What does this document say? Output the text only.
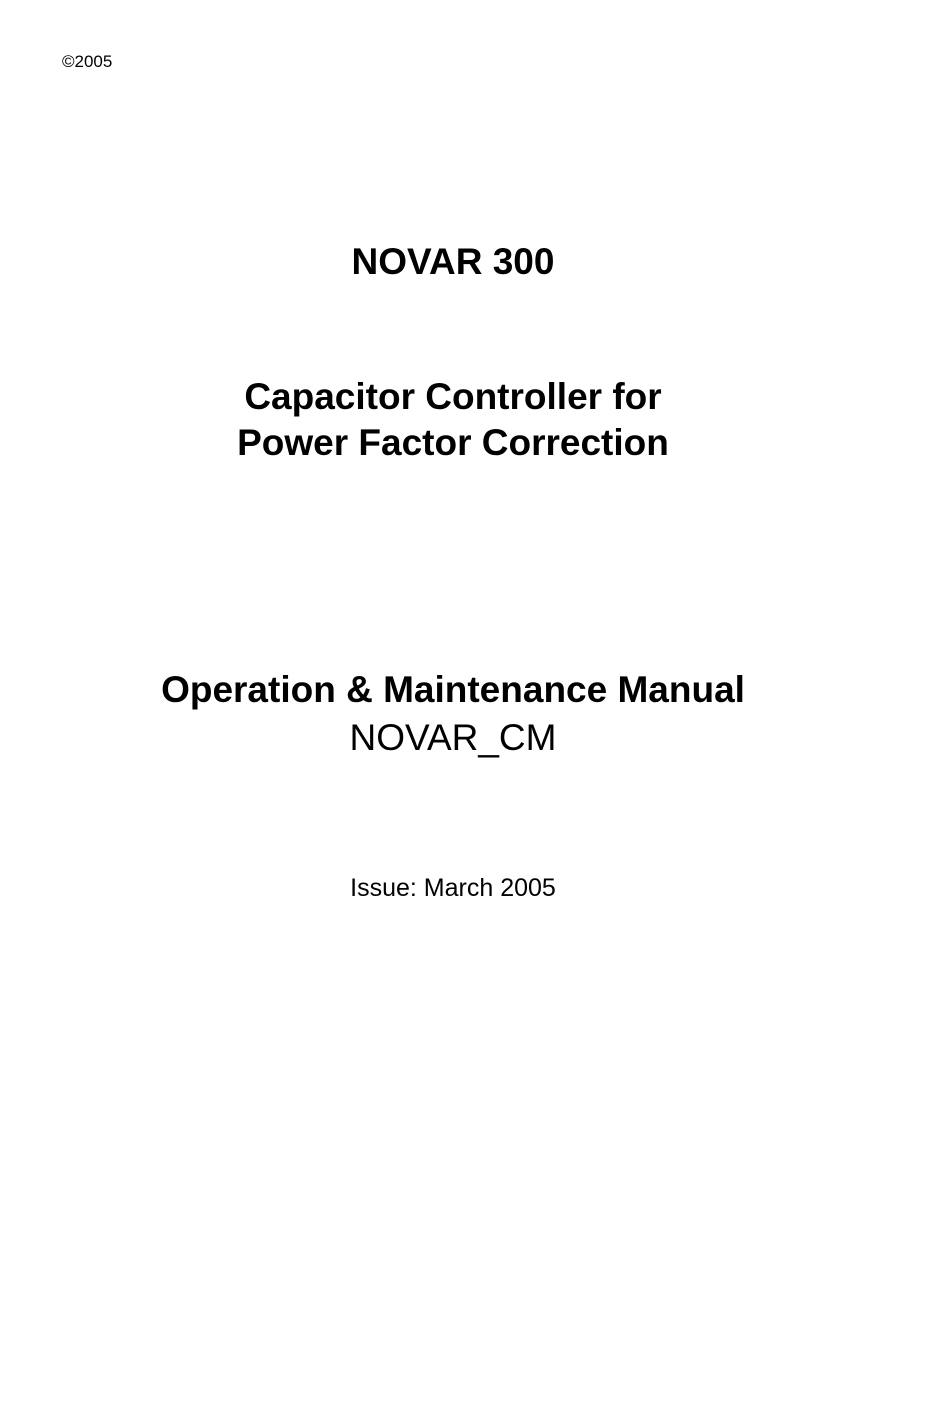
©2005
NOVAR 300
Capacitor Controller for
Power Factor Correction
Operation & Maintenance Manual
NOVAR_CM
Issue: March 2005
